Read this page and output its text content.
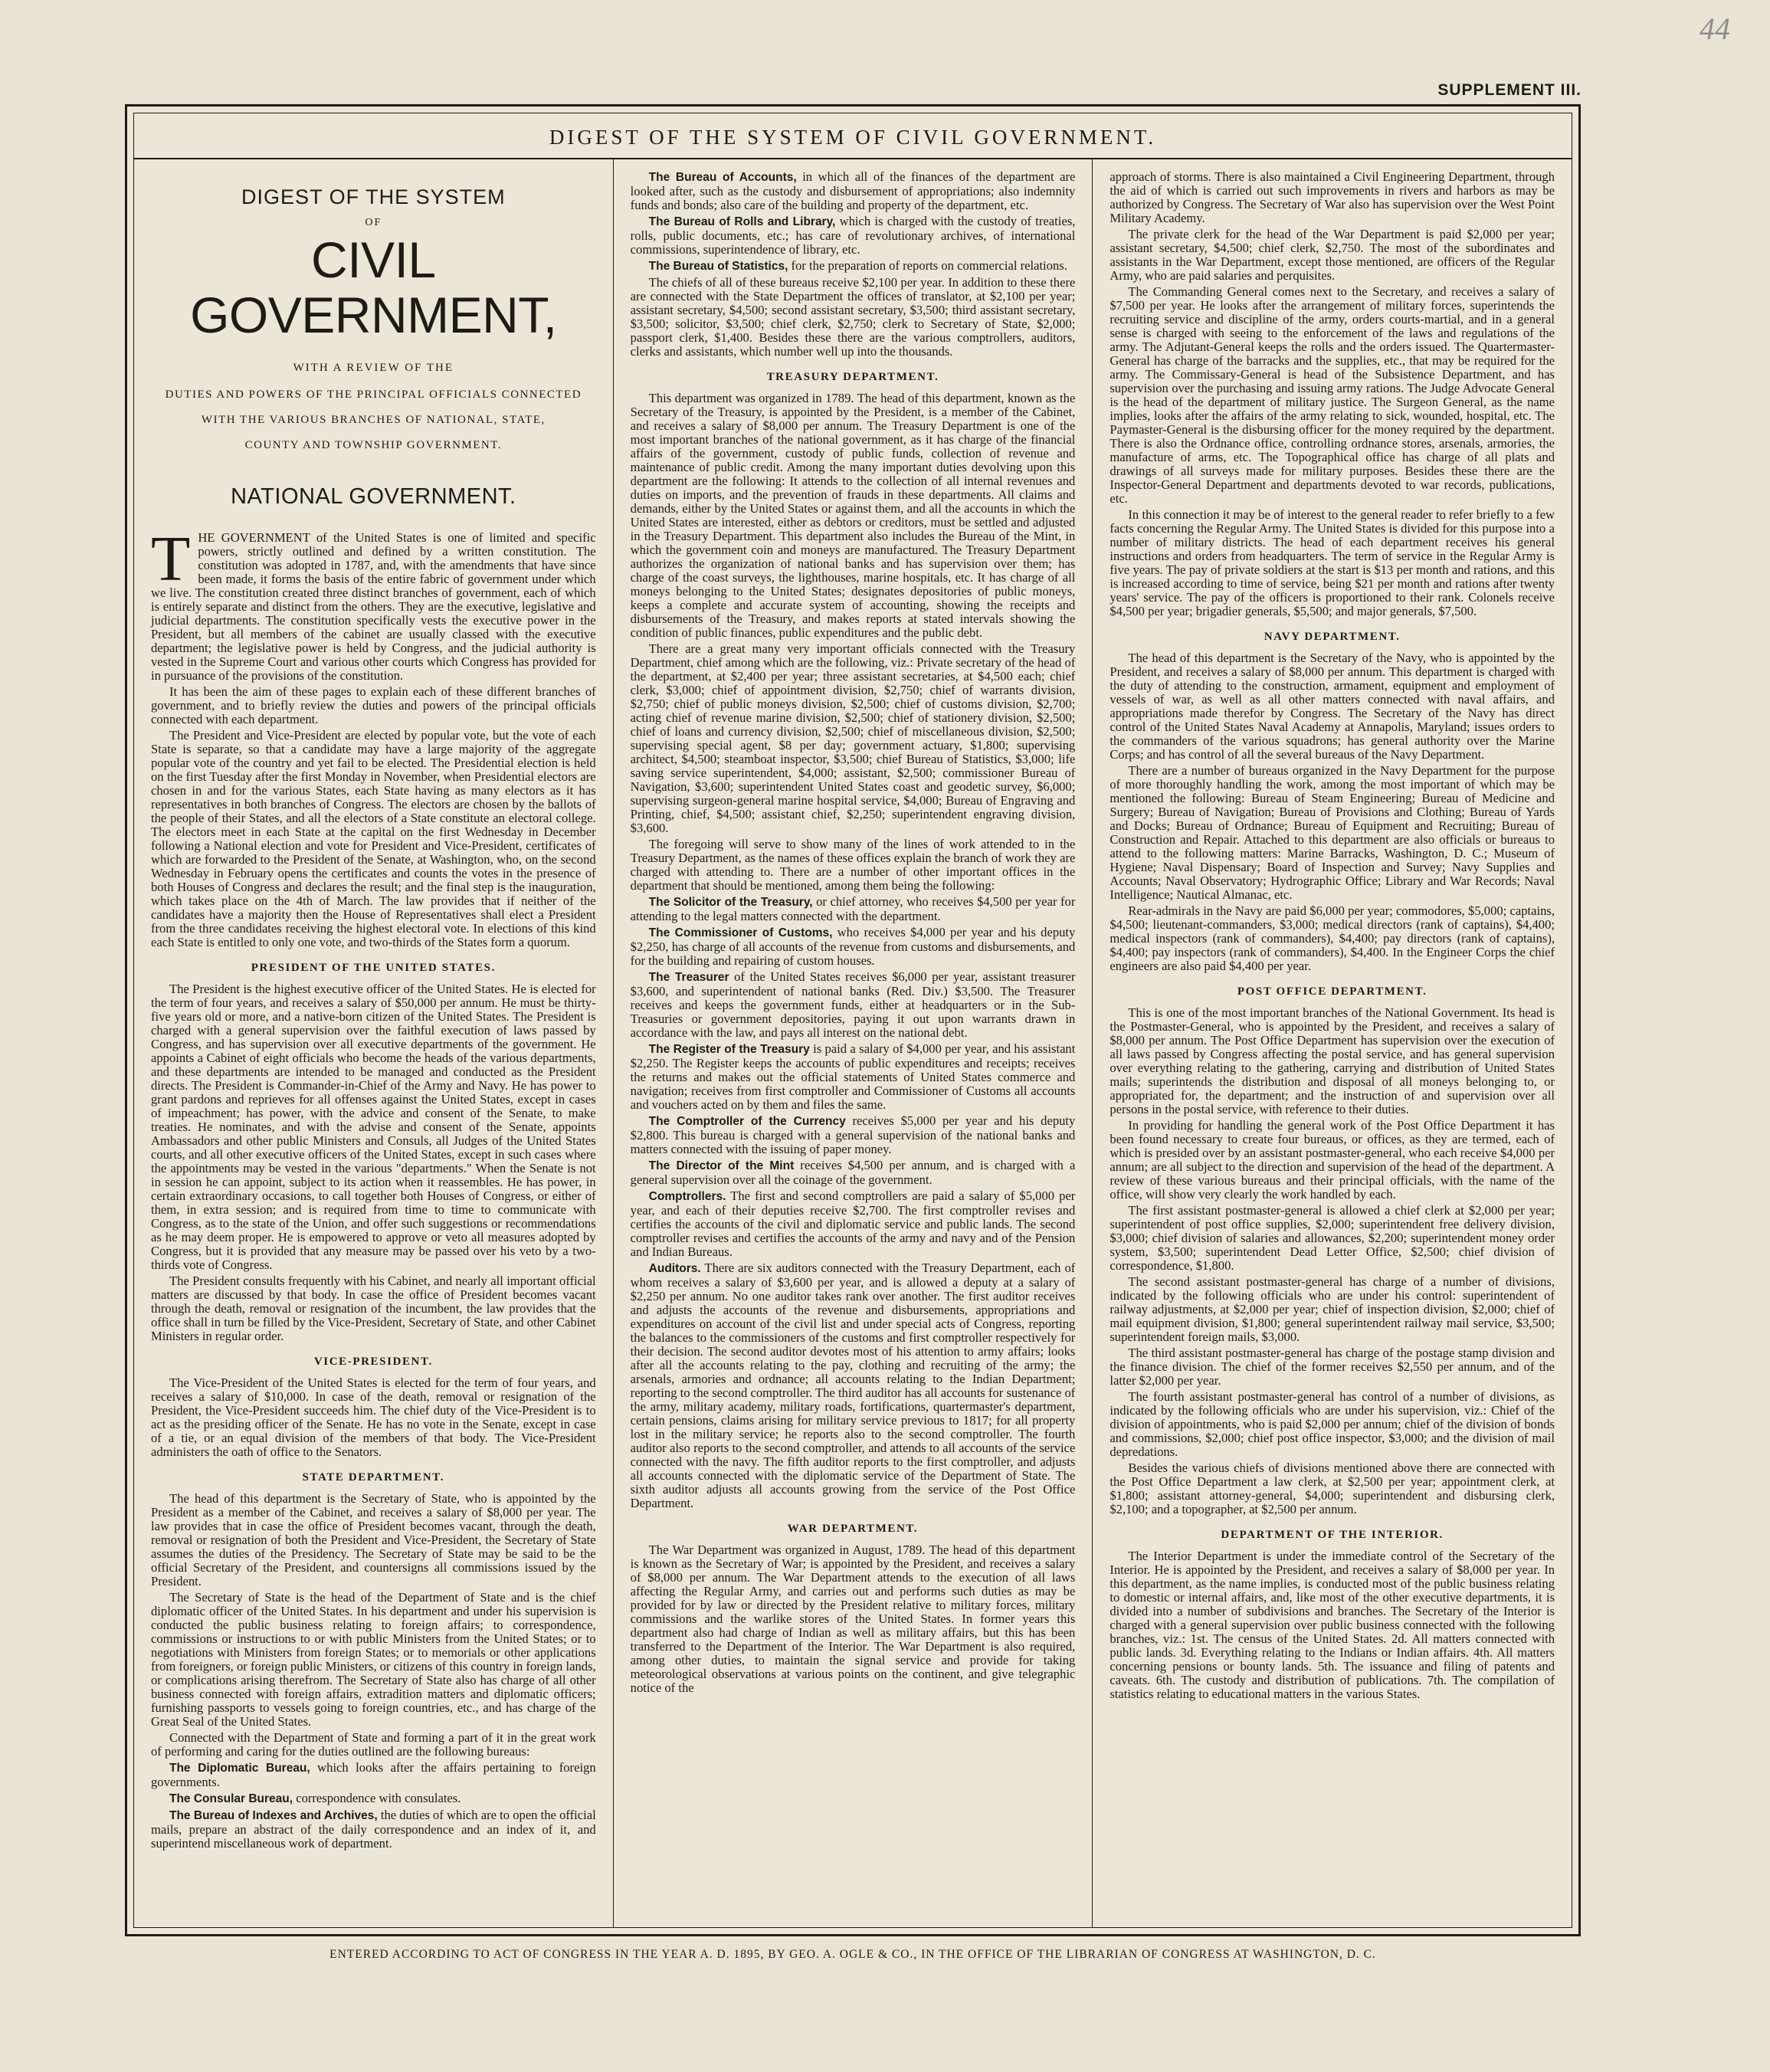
44
SUPPLEMENT III.
DIGEST OF THE SYSTEM OF CIVIL GOVERNMENT.
DIGEST OF THE SYSTEM
OF
CIVIL GOVERNMENT,
WITH A REVIEW OF THE
DUTIES AND POWERS OF THE PRINCIPAL OFFICIALS CONNECTED
WITH THE VARIOUS BRANCHES OF NATIONAL, STATE,
COUNTY AND TOWNSHIP GOVERNMENT.
NATIONAL GOVERNMENT.

THE GOVERNMENT of the United States is one of limited and specific powers, strictly outlined and defined by a written constitution. The constitution was adopted in 1787, and, with the amendments that have since been made, it forms the basis of the entire fabric of government under which we live. The constitution created three distinct branches of government, each of which is entirely separate and distinct from the others. They are the executive, legislative and judicial departments. The constitution specifically vests the executive power in the President, but all members of the cabinet are usually classed with the executive department; the legislative power is held by Congress, and the judicial authority is vested in the Supreme Court and various other courts which Congress has provided for in pursuance of the provisions of the constitution.

It has been the aim of these pages to explain each of these different branches of government, and to briefly review the duties and powers of the principal officials connected with each department.

The President and Vice-President are elected by popular vote, but the vote of each State is separate, so that a candidate may have a large majority of the aggregate popular vote of the country and yet fail to be elected. The Presidential election is held on the first Tuesday after the first Monday in November, when Presidential electors are chosen in and for the various States, each State having as many electors as it has representatives in both branches of Congress. The electors are chosen by the ballots of the people of their States, and all the electors of a State constitute an electoral college. The electors meet in each State at the capital on the first Wednesday in December following a National election and vote for President and Vice-President, certificates of which are forwarded to the President of the Senate, at Washington, who, on the second Wednesday in February opens the certificates and counts the votes in the presence of both Houses of Congress and declares the result; and the final step is the inauguration, which takes place on the 4th of March. The law provides that if neither of the candidates have a majority then the House of Representatives shall elect a President from the three candidates receiving the highest electoral vote. In elections of this kind each State is entitled to only one vote, and two-thirds of the States form a quorum.

PRESIDENT OF THE UNITED STATES.

The President is the highest executive officer of the United States. He is elected for the term of four years, and receives a salary of $50,000 per annum. He must be thirty-five years old or more, and a native-born citizen of the United States. The President is charged with a general supervision over the faithful execution of laws passed by Congress, and has supervision over all executive departments of the government. He appoints a Cabinet of eight officials who become the heads of the various departments, and these departments are intended to be managed and conducted as the President directs. The President is Commander-in-Chief of the Army and Navy. He has power to grant pardons and reprieves for all offenses against the United States, except in cases of impeachment; has power, with the advice and consent of the Senate, to make treaties. He nominates, and with the advise and consent of the Senate, appoints Ambassadors and other public Ministers and Consuls, all Judges of the United States courts, and all other executive officers of the United States, except in such cases where the appointments may be vested in the various "departments." When the Senate is not in session he can appoint, subject to its action when it reassembles. He has power, in certain extraordinary occasions, to call together both Houses of Congress, or either of them, in extra session; and is required from time to time to communicate with Congress, as to the state of the Union, and offer such suggestions or recommendations as he may deem proper. He is empowered to approve or veto all measures adopted by Congress, but it is provided that any measure may be passed over his veto by a two-thirds vote of Congress.

The President consults frequently with his Cabinet, and nearly all important official matters are discussed by that body. In case the office of President becomes vacant through the death, removal or resignation of the incumbent, the law provides that the office shall in turn be filled by the Vice-President, Secretary of State, and other Cabinet Ministers in regular order.

VICE-PRESIDENT.

The Vice-President of the United States is elected for the term of four years, and receives a salary of $10,000. In case of the death, removal or resignation of the President, the Vice-President succeeds him. The chief duty of the Vice-President is to act as the presiding officer of the Senate. He has no vote in the Senate, except in case of a tie, or an equal division of the members of that body. The Vice-President administers the oath of office to the Senators.

STATE DEPARTMENT.

The head of this department is the Secretary of State, who is appointed by the President as a member of the Cabinet, and receives a salary of $8,000 per year. The law provides that in case the office of President becomes vacant, through the death, removal or resignation of both the President and Vice-President, the Secretary of State assumes the duties of the Presidency. The Secretary of State may be said to be the official Secretary of the President, and countersigns all commissions issued by the President.

The Secretary of State is the head of the Department of State and is the chief diplomatic officer of the United States. In his department and under his supervision is conducted the public business relating to foreign affairs; to correspondence, commissions or instructions to or with public Ministers from the United States; or to negotiations with Ministers from foreign States; or to memorials or other applications from foreigners, or foreign public Ministers, or citizens of this country in foreign lands, or complications arising therefrom. The Secretary of State also has charge of all other business connected with foreign affairs, extradition matters and diplomatic officers; furnishing passports to vessels going to foreign countries, etc., and has charge of the Great Seal of the United States.

Connected with the Department of State and forming a part of it in the great work of performing and caring for the duties outlined are the following bureaus:

The Diplomatic Bureau, which looks after the affairs pertaining to foreign governments.

The Consular Bureau, correspondence with consulates.

The Bureau of Indexes and Archives, the duties of which are to open the official mails, prepare an abstract of the daily correspondence and an index of it, and superintend miscellaneous work of department.

The Bureau of Accounts, in which all of the finances of the department are looked after, such as the custody and disbursement of appropriations; also indemnity funds and bonds; also care of the building and property of the department, etc.

The Bureau of Rolls and Library, which is charged with the custody of treaties, rolls, public documents, etc.; has care of revolutionary archives, of international commissions, superintendence of library, etc.

The Bureau of Statistics, for the preparation of reports on commercial relations.

The chiefs of all of these bureaus receive $2,100 per year. In addition to these there are connected with the State Department the offices of translator, at $2,100 per year; assistant secretary, $4,500; second assistant secretary, $3,500; third assistant secretary, $3,500; solicitor, $3,500; chief clerk, $2,750; clerk to Secretary of State, $2,000; passport clerk, $1,400. Besides these there are the various comptrollers, auditors, clerks and assistants, which number well up into the thousands.

TREASURY DEPARTMENT.

This department was organized in 1789. The head of this department, known as the Secretary of the Treasury, is appointed by the President, is a member of the Cabinet, and receives a salary of $8,000 per annum. The Treasury Department is one of the most important branches of the national government, as it has charge of the financial affairs of the government, custody of public funds, collection of revenue and maintenance of public credit. Among the many important duties devolving upon this department are the following: It attends to the collection of all internal revenues and duties on imports, and the prevention of frauds in these departments. All claims and demands, either by the United States or against them, and all the accounts in which the United States are interested, either as debtors or creditors, must be settled and adjusted in the Treasury Department. This department also includes the Bureau of the Mint, in which the government coin and moneys are manufactured. The Treasury Department authorizes the organization of national banks and has supervision over them; has charge of the coast surveys, the lighthouses, marine hospitals, etc. It has charge of all moneys belonging to the United States; designates depositories of public moneys, keeps a complete and accurate system of accounting, showing the receipts and disbursements of the Treasury, and makes reports at stated intervals showing the condition of public finances, public expenditures and the public debt.

There are a great many very important officials connected with the Treasury Department, chief among which are the following, viz.: Private secretary of the head of the department, at $2,400 per year; three assistant secretaries, at $4,500 each; chief clerk, $3,000; chief of appointment division, $2,750; chief of warrants division, $2,750; chief of public moneys division, $2,500; chief of customs division, $2,700; acting chief of revenue marine division, $2,500; chief of stationery division, $2,500; chief of loans and currency division, $2,500; chief of miscellaneous division, $2,500; supervising special agent, $8 per day; government actuary, $1,800; supervising architect, $4,500; steamboat inspector, $3,500; chief Bureau of Statistics, $3,000; life saving service superintendent, $4,000; assistant, $2,500; commissioner Bureau of Navigation, $3,600; superintendent United States coast and geodetic survey, $6,000; supervising surgeon-general marine hospital service, $4,000; Bureau of Engraving and Printing, chief, $4,500; assistant chief, $2,250; superintendent engraving division, $3,600.

The foregoing will serve to show many of the lines of work attended to in the Treasury Department, as the names of these offices explain the branch of work they are charged with attending to. There are a number of other important offices in the department that should be mentioned, among them being the following:

The Solicitor of the Treasury, or chief attorney, who receives $4,500 per year for attending to the legal matters connected with the department.

The Commissioner of Customs, who receives $4,000 per year and his deputy $2,250, has charge of all accounts of the revenue from customs and disbursements, and for the building and repairing of custom houses.

The Treasurer of the United States receives $6,000 per year, assistant treasurer $3,600, and superintendent of national banks (Red. Div.) $3,500. The Treasurer receives and keeps the government funds, either at headquarters or in the Sub-Treasuries or government depositories, paying it out upon warrants drawn in accordance with the law, and pays all interest on the national debt.

The Register of the Treasury is paid a salary of $4,000 per year, and his assistant $2,250. The Register keeps the accounts of public expenditures and receipts; receives the returns and makes out the official statements of United States commerce and navigation; receives from first comptroller and Commissioner of Customs all accounts and vouchers acted on by them and files the same.

The Comptroller of the Currency receives $5,000 per year and his deputy $2,800. This bureau is charged with a general supervision of the national banks and matters connected with the issuing of paper money.

The Director of the Mint receives $4,500 per annum, and is charged with a general supervision over all the coinage of the government.

Comptrollers. The first and second comptrollers are paid a salary of $5,000 per year, and each of their deputies receive $2,700. The first comptroller revises and certifies the accounts of the civil and diplomatic service and public lands. The second comptroller revises and certifies the accounts of the army and navy and of the Pension and Indian Bureaus.

Auditors. There are six auditors connected with the Treasury Department, each of whom receives a salary of $3,600 per year, and is allowed a deputy at a salary of $2,250 per annum. No one auditor takes rank over another. The first auditor receives and adjusts the accounts of the revenue and disbursements, appropriations and expenditures on account of the civil list and under special acts of Congress, reporting the balances to the commissioners of the customs and first comptroller respectively for their decision. The second auditor devotes most of his attention to army affairs; looks after all the accounts relating to the pay, clothing and recruiting of the army; the arsenals, armories and ordnance; all accounts relating to the Indian Department; reporting to the second comptroller. The third auditor has all accounts for sustenance of the army, military academy, military roads, fortifications, quartermaster's department, certain pensions, claims arising for military service previous to 1817; for all property lost in the military service; he reports also to the second comptroller. The fourth auditor also reports to the second comptroller, and attends to all accounts of the service connected with the navy. The fifth auditor reports to the first comptroller, and adjusts all accounts connected with the diplomatic service of the Department of State. The sixth auditor adjusts all accounts growing from the service of the Post Office Department.

WAR DEPARTMENT.

The War Department was organized in August, 1789. The head of this department is known as the Secretary of War; is appointed by the President, and receives a salary of $8,000 per annum. The War Department attends to the execution of all laws affecting the Regular Army, and carries out and performs such duties as may be provided for by law or directed by the President relative to military forces, military commissions and the warlike stores of the United States. In former years this department also had charge of Indian as well as military affairs, but this has been transferred to the Department of the Interior. The War Department is also required, among other duties, to maintain the signal service and provide for taking meteorological observations at various points on the continent, and give telegraphic notice of the

approach of storms. There is also maintained a Civil Engineering Department, through the aid of which is carried out such improvements in rivers and harbors as may be authorized by Congress. The Secretary of War also has supervision over the West Point Military Academy.

The private clerk for the head of the War Department is paid $2,000 per year; assistant secretary, $4,500; chief clerk, $2,750. The most of the subordinates and assistants in the War Department, except those mentioned, are officers of the Regular Army, who are paid salaries and perquisites.

The Commanding General comes next to the Secretary, and receives a salary of $7,500 per year. He looks after the arrangement of military forces, superintends the recruiting service and discipline of the army, orders courts-martial, and in a general sense is charged with seeing to the enforcement of the laws and regulations of the army. The Adjutant-General keeps the rolls and the orders issued. The Quartermaster-General has charge of the barracks and the supplies, etc., that may be required for the army. The Commissary-General is head of the Subsistence Department, and has supervision over the purchasing and issuing army rations. The Judge Advocate General is the head of the department of military justice. The Surgeon General, as the name implies, looks after the affairs of the army relating to sick, wounded, hospital, etc. The Paymaster-General is the disbursing officer for the money required by the department. There is also the Ordnance office, controlling ordnance stores, arsenals, armories, the manufacture of arms, etc. The Topographical office has charge of all plats and drawings of all surveys made for military purposes. Besides these there are the Inspector-General Department and departments devoted to war records, publications, etc.

In this connection it may be of interest to the general reader to refer briefly to a few facts concerning the Regular Army. The United States is divided for this purpose into a number of military districts. The head of each department receives his general instructions and orders from headquarters. The term of service in the Regular Army is five years. The pay of private soldiers at the start is $13 per month and rations, and this is increased according to time of service, being $21 per month and rations after twenty years' service. The pay of the officers is proportioned to their rank. Colonels receive $4,500 per year; brigadier generals, $5,500; and major generals, $7,500.

NAVY DEPARTMENT.

The head of this department is the Secretary of the Navy, who is appointed by the President, and receives a salary of $8,000 per annum. This department is charged with the duty of attending to the construction, armament, equipment and employment of vessels of war, as well as all other matters connected with naval affairs, and appropriations made therefor by Congress. The Secretary of the Navy has direct control of the United States Naval Academy at Annapolis, Maryland; issues orders to the commanders of the various squadrons; has general authority over the Marine Corps; and has control of all the several bureaus of the Navy Department.

There are a number of bureaus organized in the Navy Department for the purpose of more thoroughly handling the work, among the most important of which may be mentioned the following: Bureau of Steam Engineering; Bureau of Medicine and Surgery; Bureau of Navigation; Bureau of Provisions and Clothing; Bureau of Yards and Docks; Bureau of Ordnance; Bureau of Equipment and Recruiting; Bureau of Construction and Repair. Attached to this department are also officials or bureaus to attend to the following matters: Marine Barracks, Washington, D. C.; Museum of Hygiene; Naval Dispensary; Board of Inspection and Survey; Navy Supplies and Accounts; Naval Observatory; Hydrographic Office; Library and War Records; Naval Intelligence; Nautical Almanac, etc.

Rear-admirals in the Navy are paid $6,000 per year; commodores, $5,000; captains, $4,500; lieutenant-commanders, $3,000; medical directors (rank of captains), $4,400; medical inspectors (rank of commanders), $4,400; pay directors (rank of captains), $4,400; pay inspectors (rank of commanders), $4,400. In the Engineer Corps the chief engineers are also paid $4,400 per year.

POST OFFICE DEPARTMENT.

This is one of the most important branches of the National Government. Its head is the Postmaster-General, who is appointed by the President, and receives a salary of $8,000 per annum. The Post Office Department has supervision over the execution of all laws passed by Congress affecting the postal service, and has general supervision over everything relating to the gathering, carrying and distribution of United States mails; superintends the distribution and disposal of all moneys belonging to, or appropriated for, the department; and the instruction of and supervision over all persons in the postal service, with reference to their duties.

In providing for handling the general work of the Post Office Department it has been found necessary to create four bureaus, or offices, as they are termed, each of which is presided over by an assistant postmaster-general, who each receive $4,000 per annum; are all subject to the direction and supervision of the head of the department. A review of these various bureaus and their principal officials, with the name of the office, will show very clearly the work handled by each.

The first assistant postmaster-general is allowed a chief clerk at $2,000 per year; superintendent of post office supplies, $2,000; superintendent free delivery division, $3,000; chief division of salaries and allowances, $2,200; superintendent money order system, $3,500; superintendent Dead Letter Office, $2,500; chief division of correspondence, $1,800.

The second assistant postmaster-general has charge of a number of divisions, indicated by the following officials who are under his control: superintendent of railway adjustments, at $2,000 per year; chief of inspection division, $2,000; chief of mail equipment division, $1,800; general superintendent railway mail service, $3,500; superintendent foreign mails, $3,000.

The third assistant postmaster-general has charge of the postage stamp division and the finance division. The chief of the former receives $2,550 per annum, and of the latter $2,000 per year.

The fourth assistant postmaster-general has control of a number of divisions, as indicated by the following officials who are under his supervision, viz.: Chief of the division of appointments, who is paid $2,000 per annum; chief of the division of bonds and commissions, $2,000; chief post office inspector, $3,000; and the division of mail depredations.

Besides the various chiefs of divisions mentioned above there are connected with the Post Office Department a law clerk, at $2,500 per year; appointment clerk, at $1,800; assistant attorney-general, $4,000; superintendent and disbursing clerk, $2,100; and a topographer, at $2,500 per annum.

DEPARTMENT OF THE INTERIOR.

The Interior Department is under the immediate control of the Secretary of the Interior. He is appointed by the President, and receives a salary of $8,000 per year. In this department, as the name implies, is conducted most of the public business relating to domestic or internal affairs, and, like most of the other executive departments, it is divided into a number of subdivisions and branches. The Secretary of the Interior is charged with a general supervision over public business connected with the following branches, viz.: 1st. The census of the United States. 2d. All matters connected with public lands. 3d. Everything relating to the Indians or Indian affairs. 4th. All matters concerning pensions or bounty lands. 5th. The issuance and filing of patents and caveats. 6th. The custody and distribution of publications. 7th. The compilation of statistics relating to educational matters in the various States.

ENTERED ACCORDING TO ACT OF CONGRESS IN THE YEAR A. D. 1895, BY GEO. A. OGLE & CO., IN THE OFFICE OF THE LIBRARIAN OF CONGRESS AT WASHINGTON, D. C.
